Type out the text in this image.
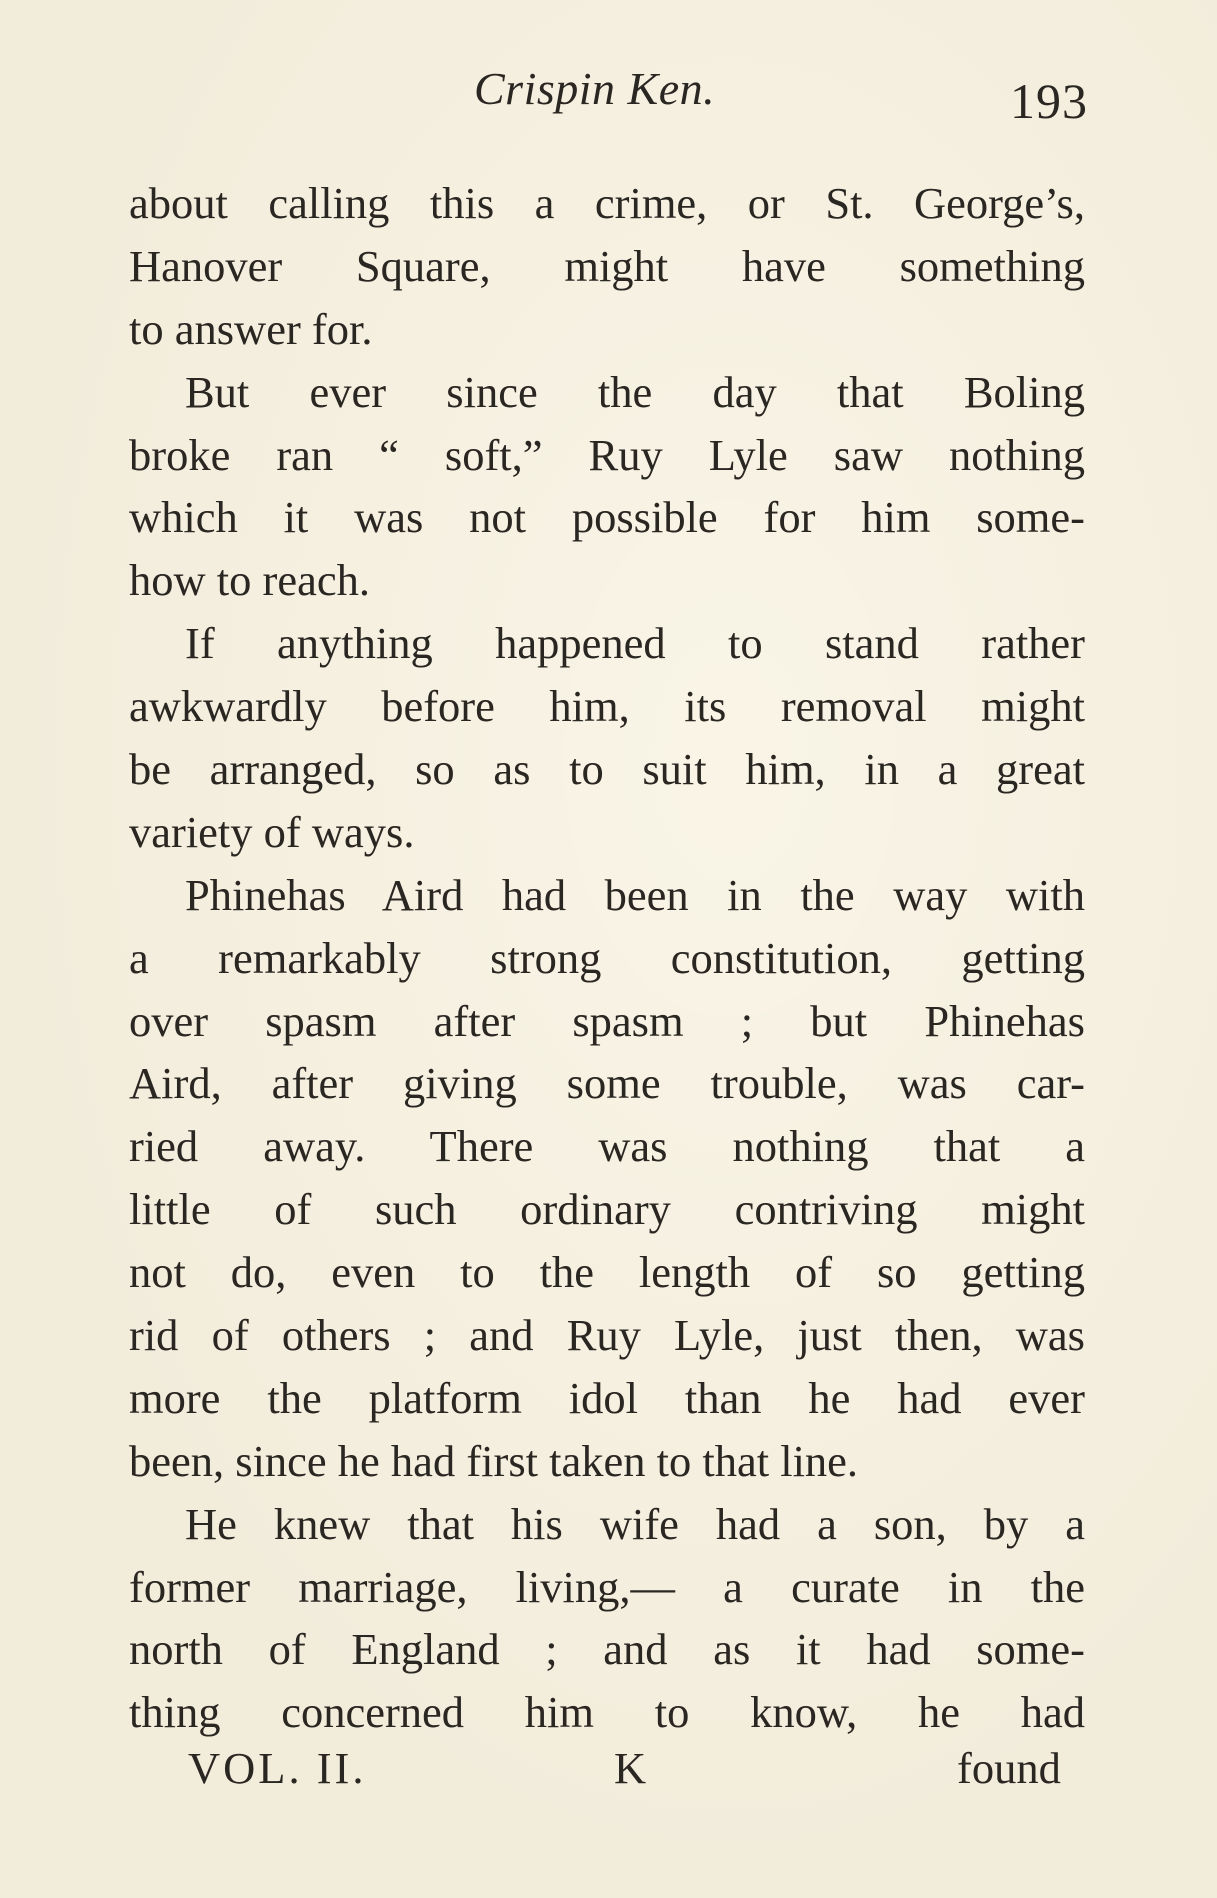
Crispin Ken.	193
about calling this a crime, or St. George’s,
Hanover Square, might have something
to answer for.
But ever since the day that Boling
broke ran “ soft,” Ruy Lyle saw nothing
which it was not possible for him some-
how to reach.
If anything happened to stand rather
awkwardly before him, its removal might
be arranged, so as to suit him, in a great
variety of ways.
Phinehas Aird had been in the way with
a remarkably strong constitution, getting
over spasm after spasm ; but Phinehas
Aird, after giving some trouble, was car-
ried away. There was nothing that a
little of such ordinary contriving might
not do, even to the length of so getting
rid of others ; and Ruy Lyle, just then, was
more the platform idol than he had ever
been, since he had first taken to that line.
He knew that his wife had a son, by a
former marriage, living,— a curate in the
north of England ; and as it had some-
thing concerned him to know, he had
VOL. II.	K	found
